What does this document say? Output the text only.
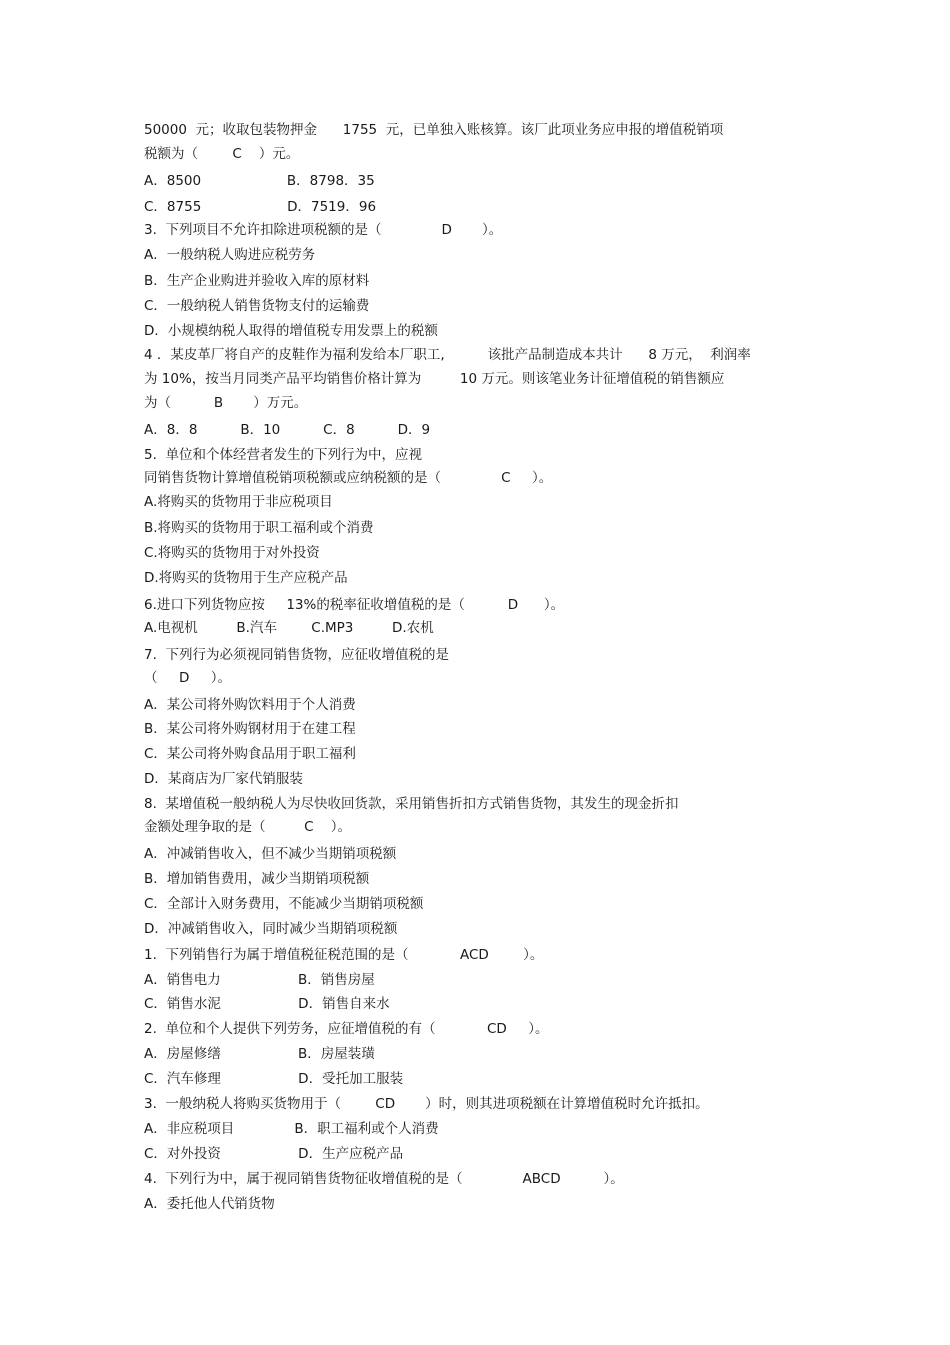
50000  元；收取包装物押金      1755  元，已单独入账核算。该厂此项业务应申报的增值税销项
税额为（        C    ）元。
A．8500                    B．8798．35
C．8755                    D．7519．96
3.  下列项目不允许扣除进项税额的是（              D       ）。
A．一般纳税人购进应税劳务
B．生产企业购进并验收入库的原材料
C．一般纳税人销售货物支付的运输费
D．小规模纳税人取得的增值税专用发票上的税额
4 ．某皮革厂将自产的皮鞋作为福利发给本厂职工,          该批产品制造成本共计      8 万元，  利润率
为 10%，按当月同类产品平均销售价格计算为         10 万元。则该笔业务计征增值税的销售额应
为（          B       ）万元。
A．8．8          B．10          C．8          D．9
5.  单位和个体经营者发生的下列行为中，应视
同销售货物计算增值税销项税额或应纳税额的是（              C     ）。
A.将购买的货物用于非应税项目
B.将购买的货物用于职工福利或个消费
C.将购买的货物用于对外投资
D.将购买的货物用于生产应税产品
6.进口下列货物应按     13%的税率征收增值税的是（          D      ）。
A.电视机         B.汽车        C.MP3         D.农机
7.  下列行为必须视同销售货物，应征收增值税的是
（     D     ）。
A．某公司将外购饮料用于个人消费
B．某公司将外购钢材用于在建工程
C．某公司将外购食品用于职工福利
D．某商店为厂家代销服装
8.  某增值税一般纳税人为尽快收回货款，采用销售折扣方式销售货物，其发生的现金折扣
金额处理争取的是（         C    ）。
A．冲减销售收入，但不减少当期销项税额
B．增加销售费用，减少当期销项税额
C．全部计入财务费用，不能减少当期销项税额
D．冲减销售收入，同时减少当期销项税额
1.  下列销售行为属于增值税征税范围的是（            ACD        ）。
A．销售电力                  B．销售房屋
C．销售水泥                  D．销售自来水
2.  单位和个人提供下列劳务，应征增值税的有（            CD     ）。
A．房屋修缮                  B．房屋装璜
C．汽车修理                  D．受托加工服装
3.  一般纳税人将购买货物用于（        CD       ）时，则其进项税额在计算增值税时允许抵扣。
A．非应税项目              B．职工福利或个人消费
C．对外投资                  D．生产应税产品
4.  下列行为中，属于视同销售货物征收增值税的是（              ABCD          ）。
A．委托他人代销货物
